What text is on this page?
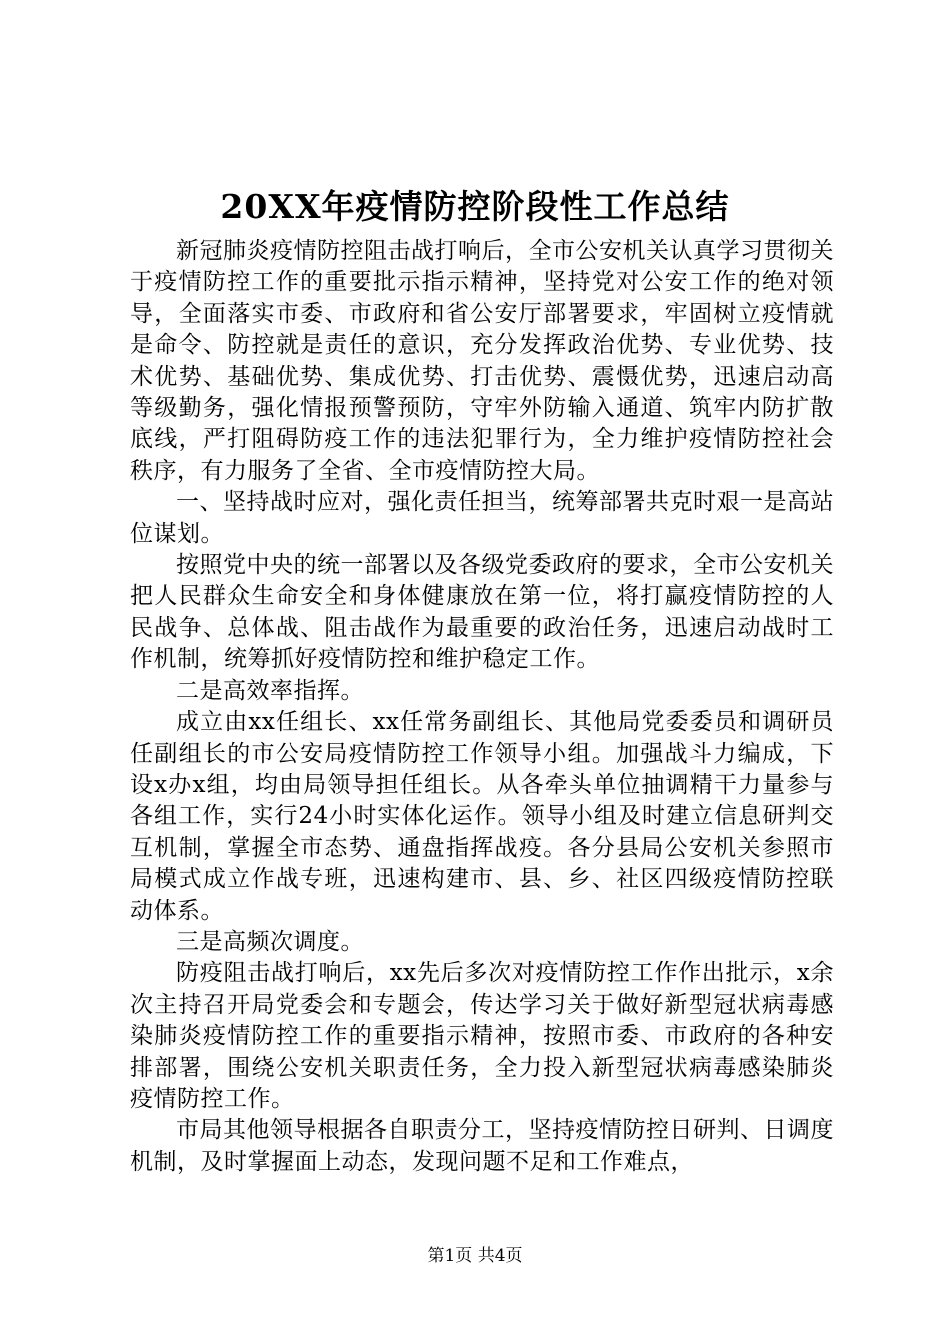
20XX年疫情防控阶段性工作总结

新冠肺炎疫情防控阻击战打响后，全市公安机关认真学习贯彻关于疫情防控工作的重要批示指示精神，坚持党对公安工作的绝对领导，全面落实市委、市政府和省公安厅部署要求，牢固树立疫情就是命令、防控就是责任的意识，充分发挥政治优势、专业优势、技术优势、基础优势、集成优势、打击优势、震慑优势，迅速启动高等级勤务，强化情报预警预防，守牢外防输入通道、筑牢内防扩散底线，严打阻碍防疫工作的违法犯罪行为，全力维护疫情防控社会秩序，有力服务了全省、全市疫情防控大局。

一、坚持战时应对，强化责任担当，统筹部署共克时艰一是高站位谋划。

按照党中央的统一部署以及各级党委政府的要求，全市公安机关把人民群众生命安全和身体健康放在第一位，将打赢疫情防控的人民战争、总体战、阻击战作为最重要的政治任务，迅速启动战时工作机制，统筹抓好疫情防控和维护稳定工作。

二是高效率指挥。

成立由xx任组长、xx任常务副组长、其他局党委委员和调研员任副组长的市公安局疫情防控工作领导小组。加强战斗力编成，下设x办x组，均由局领导担任组长。从各牵头单位抽调精干力量参与各组工作，实行24小时实体化运作。领导小组及时建立信息研判交互机制，掌握全市态势、通盘指挥战疫。各分县局公安机关参照市局模式成立作战专班，迅速构建市、县、乡、社区四级疫情防控联动体系。

三是高频次调度。

防疫阻击战打响后，xx先后多次对疫情防控工作作出批示，x余次主持召开局党委会和专题会，传达学习关于做好新型冠状病毒感染肺炎疫情防控工作的重要指示精神，按照市委、市政府的各种安排部署，围绕公安机关职责任务，全力投入新型冠状病毒感染肺炎疫情防控工作。

市局其他领导根据各自职责分工，坚持疫情防控日研判、日调度机制，及时掌握面上动态，发现问题不足和工作难点，

第1页 共4页
